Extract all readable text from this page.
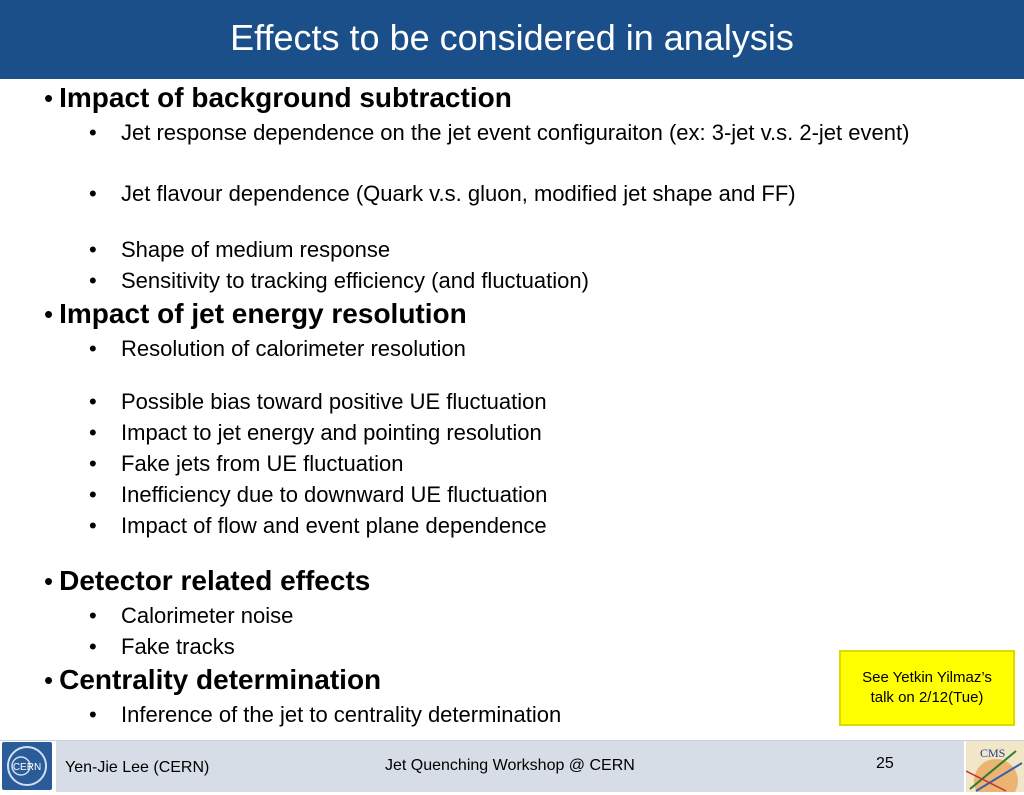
Effects to be considered in analysis
• Impact of background subtraction
• Jet response dependence on the jet event configuraiton (ex: 3-jet v.s. 2-jet event)
• Jet flavour dependence (Quark v.s. gluon, modified jet shape and FF)
• Shape of medium response
• Sensitivity to tracking efficiency (and fluctuation)
• Impact of jet energy resolution
• Resolution of calorimeter resolution
• Possible bias toward positive UE fluctuation
• Impact to jet energy and pointing resolution
• Fake jets from UE fluctuation
• Inefficiency due to downward UE fluctuation
• Impact of flow and event plane dependence
• Detector related effects
• Calorimeter noise
• Fake tracks
• Centrality determination
• Inference of the jet to centrality determination
See Yetkin Yilmaz’s
talk on 2/12(Tue)
CERN Yen-Jie Lee (CERN)	Jet Quenching Workshop @ CERN	25
CMS
